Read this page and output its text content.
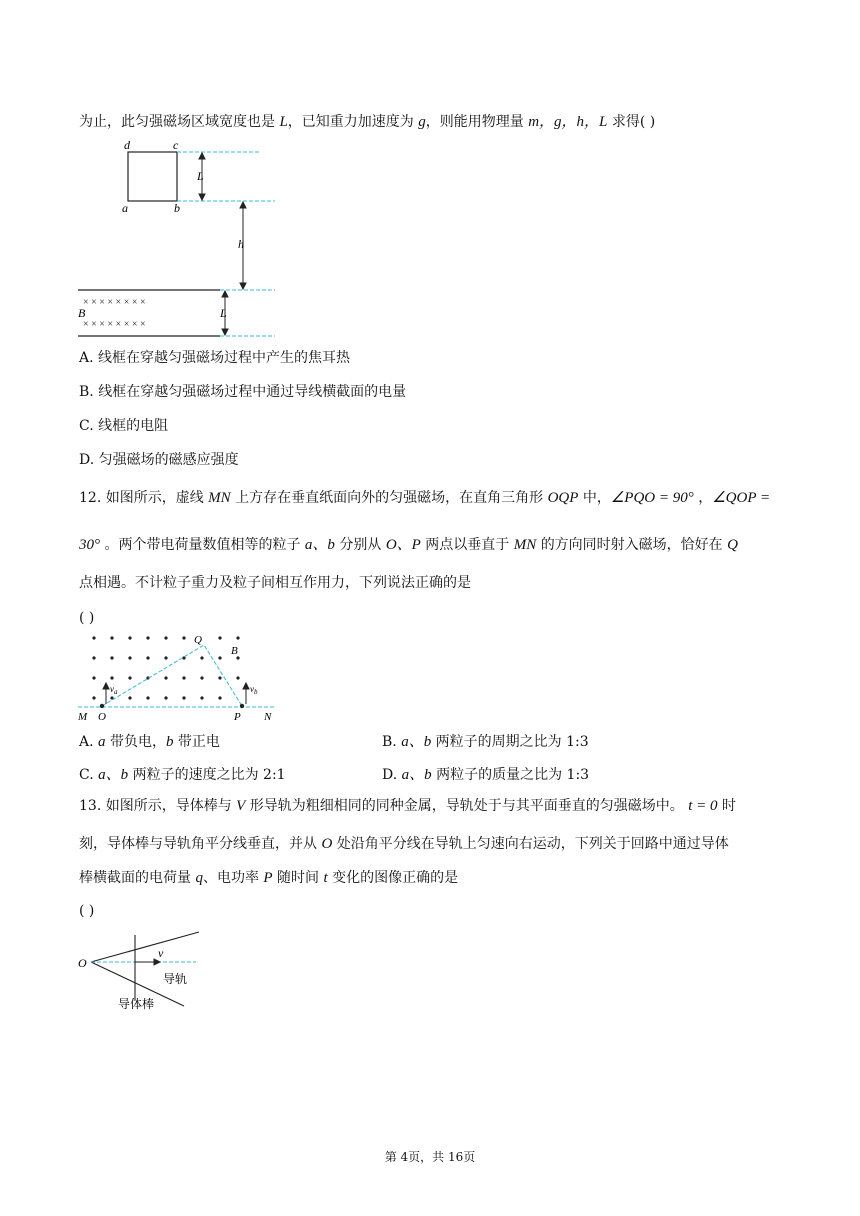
为止，此匀强磁场区域宽度也是 L，已知重力加速度为 g，则能用物理量 m，g，h，L 求得( )
d	c
a	b
L
h
× × × × × × × ×
× × × × × × × ×
B	L
A. 线框在穿越匀强磁场过程中产生的焦耳热
B. 线框在穿越匀强磁场过程中通过导线横截面的电量
C. 线框的电阻
D. 匀强磁场的磁感应强度
12. 如图所示，虚线 MN 上方存在垂直纸面向外的匀强磁场，在直角三角形 OQP 中，∠PQO = 90° ，∠QOP =
30° 。两个带电荷量数值相等的粒子 a、b 分别从 O、P 两点以垂直于 MN 的方向同时射入磁场，恰好在 Q
点相遇。不计粒子重力及粒子间相互作用力，下列说法正确的是
( )
Q
B
$v_a$	$v_b$
M O	P N
A. a 带负电，b 带正电	B. a、b 两粒子的周期之比为 1:3
C. a、b 两粒子的速度之比为 2:1	D. a、b 两粒子的质量之比为 1:3
13. 如图所示，导体棒与 V 形导轨为粗细相同的同种金属，导轨处于与其平面垂直的匀强磁场中。 t = 0 时
刻，导体棒与导轨角平分线垂直，并从 O 处沿角平分线在导轨上匀速向右运动，下列关于回路中通过导体
棒横截面的电荷量 q、电功率 P 随时间 t 变化的图像正确的是
( )
O
v
导轨
导体棒
第 4页，共 16页
